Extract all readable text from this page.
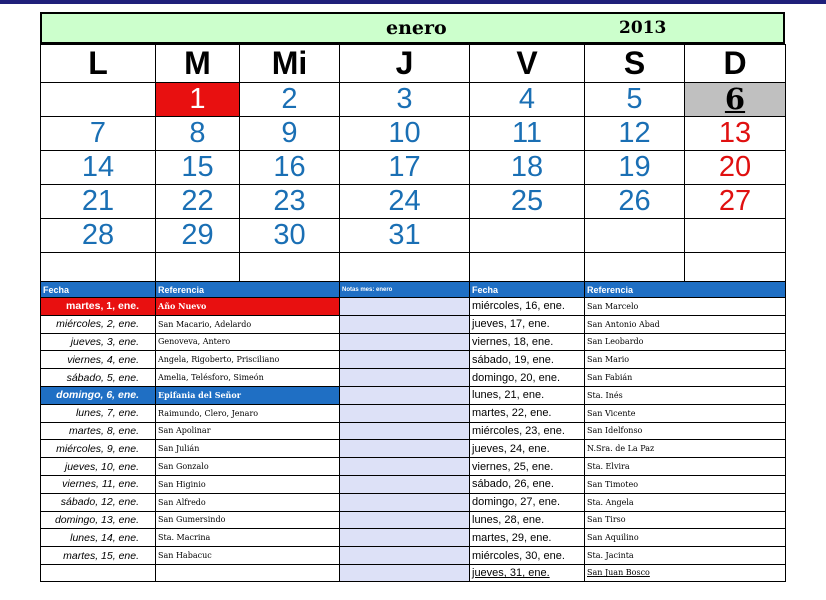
enero	2013
L	M	Mi	J	V	S	D
	1	2	3	4	5	6
7	8	9	10	11	12	13
14	15	16	17	18	19	20
21	22	23	24	25	26	27
28	29	30	31			

Fecha	Referencia	Notas mes: enero	Fecha	Referencia
martes, 1, ene.	Año Nuevo		miércoles, 16, ene.	San Marcelo
miércoles, 2, ene.	San Macario, Adelardo		jueves, 17, ene.	San Antonio Abad
jueves, 3, ene.	Genoveva, Antero		viernes, 18, ene.	San Leobardo
viernes, 4, ene.	Angela, Rigoberto, Prisciliano		sábado, 19, ene.	San Mario
sábado, 5, ene.	Amelia, Telésforo, Simeón		domingo, 20, ene.	San Fabián
domingo, 6, ene.	Epifania del Señor		lunes, 21, ene.	Sta. Inés
lunes, 7, ene.	Raimundo, Clero, Jenaro		martes, 22, ene.	San Vicente
martes, 8, ene.	San Apolinar		miércoles, 23, ene.	San Idelfonso
miércoles, 9, ene.	San Julián		jueves, 24, ene.	N.Sra. de La Paz
jueves, 10, ene.	San Gonzalo		viernes, 25, ene.	Sta. Elvira
viernes, 11, ene.	San Higinio		sábado, 26, ene.	San Timoteo
sábado, 12, ene.	San Alfredo		domingo, 27, ene.	Sta. Angela
domingo, 13, ene.	San Gumersindo		lunes, 28, ene.	San Tirso
lunes, 14, ene.	Sta. Macrina		martes, 29, ene.	San Aquilino
martes, 15, ene.	San Habacuc		miércoles, 30, ene.	Sta. Jacinta
			jueves, 31, ene.	San Juan Bosco
